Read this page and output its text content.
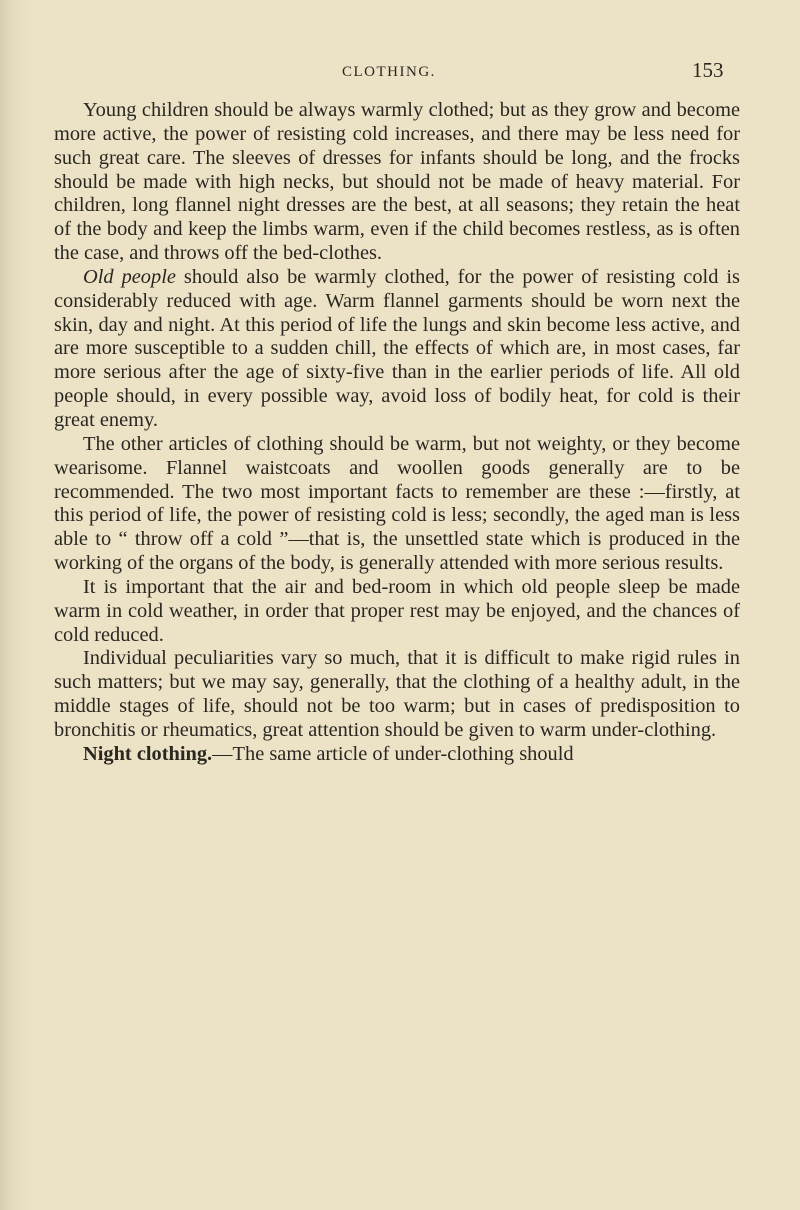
CLOTHING.	153

Young children should be always warmly clothed; but as they grow and become more active, the power of resisting cold increases, and there may be less need for such great care. The sleeves of dresses for infants should be long, and the frocks should be made with high necks, but should not be made of heavy material. For children, long flannel night dresses are the best, at all seasons; they retain the heat of the body and keep the limbs warm, even if the child becomes restless, as is often the case, and throws off the bed-clothes.

Old people should also be warmly clothed, for the power of resisting cold is considerably reduced with age. Warm flannel garments should be worn next the skin, day and night. At this period of life the lungs and skin become less active, and are more susceptible to a sudden chill, the effects of which are, in most cases, far more serious after the age of sixty-five than in the earlier periods of life. All old people should, in every possible way, avoid loss of bodily heat, for cold is their great enemy.

The other articles of clothing should be warm, but not weighty, or they become wearisome. Flannel waistcoats and woollen goods generally are to be recommended. The two most important facts to remember are these :—firstly, at this period of life, the power of resisting cold is less; secondly, the aged man is less able to “ throw off a cold ”—that is, the unsettled state which is produced in the working of the organs of the body, is generally attended with more serious results.

It is important that the air and bed-room in which old people sleep be made warm in cold weather, in order that proper rest may be enjoyed, and the chances of cold reduced.

Individual peculiarities vary so much, that it is difficult to make rigid rules in such matters; but we may say, generally, that the clothing of a healthy adult, in the middle stages of life, should not be too warm; but in cases of predisposition to bronchitis or rheumatics, great attention should be given to warm under-clothing.

Night clothing.—The same article of under-clothing should
